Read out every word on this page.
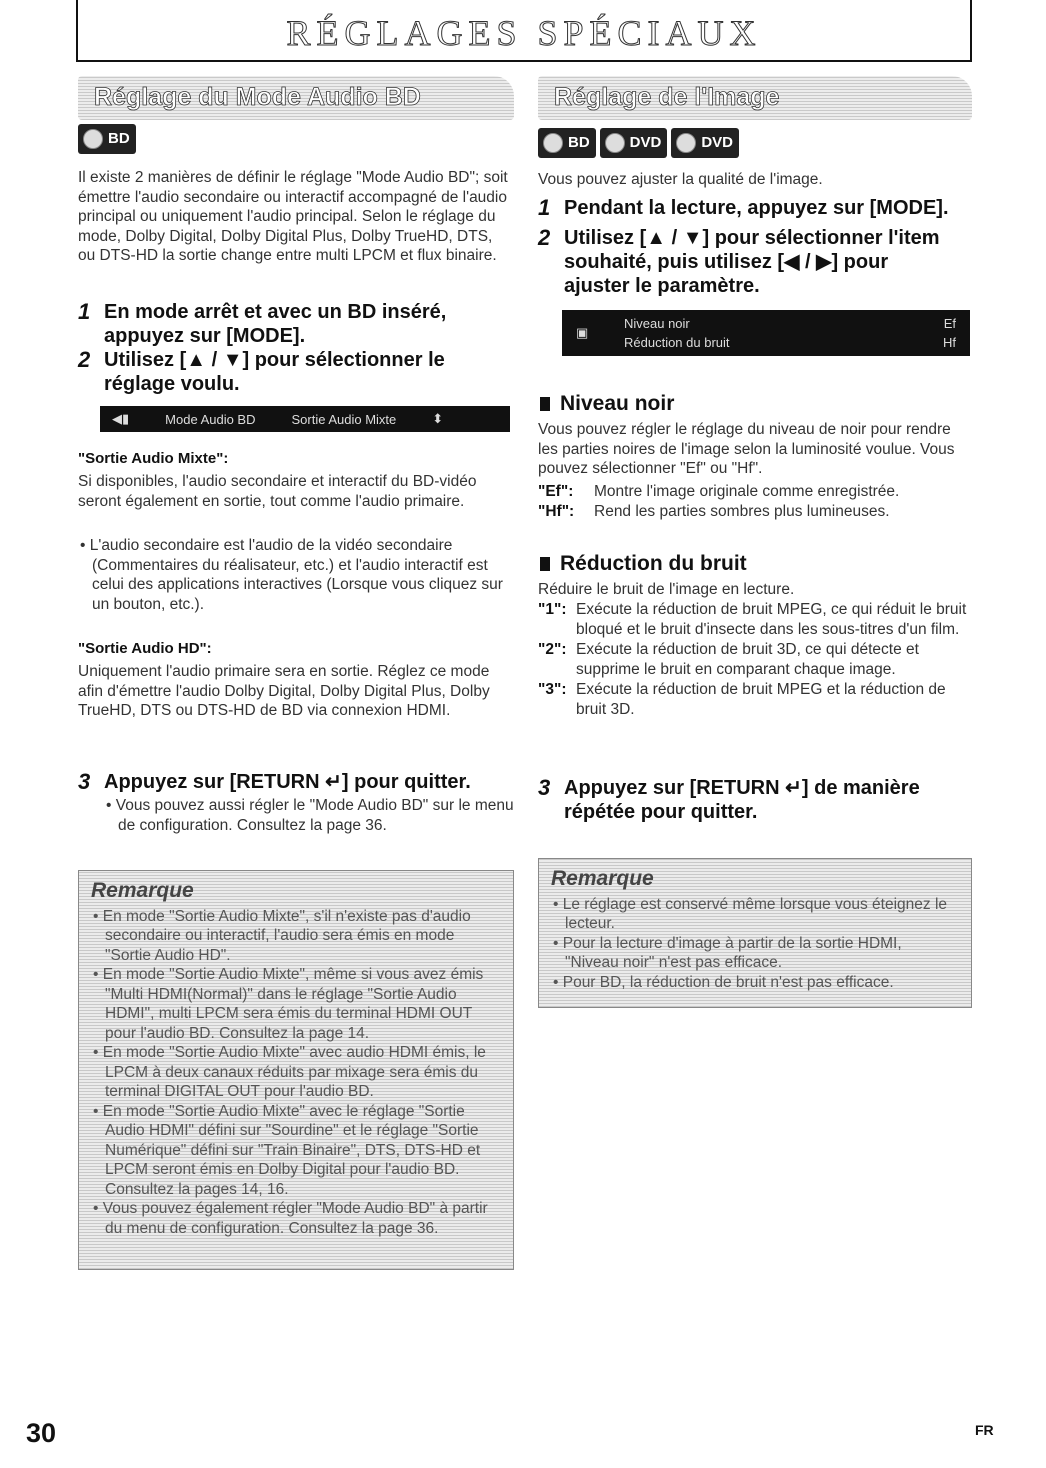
RÉGLAGES SPÉCIAUX
Réglage du Mode Audio BD
BD
Il existe 2 manières de définir le réglage "Mode Audio BD"; soit émettre l'audio secondaire ou interactif accompagné de l'audio principal ou uniquement l'audio principal. Selon le réglage du mode, Dolby Digital, Dolby Digital Plus, Dolby TrueHD, DTS, ou DTS-HD la sortie change entre multi LPCM et flux binaire.
1 En mode arrêt et avec un BD inséré, appuyez sur [MODE].
2 Utilisez [▲ / ▼] pour sélectionner le réglage voulu.
◀▮	Mode Audio BD	Sortie Audio Mixte	⬍
"Sortie Audio Mixte":
Si disponibles, l'audio secondaire et interactif du BD-vidéo seront également en sortie, tout comme l'audio primaire.
• L'audio secondaire est l'audio de la vidéo secondaire (Commentaires du réalisateur, etc.) et l'audio interactif est celui des applications interactives (Lorsque vous cliquez sur un bouton, etc.).
"Sortie Audio HD":
Uniquement l'audio primaire sera en sortie. Réglez ce mode afin d'émettre l'audio Dolby Digital, Dolby Digital Plus, Dolby TrueHD, DTS ou DTS-HD de BD via connexion HDMI.
3 Appuyez sur [RETURN ↵] pour quitter.
• Vous pouvez aussi régler le "Mode Audio BD" sur le menu de configuration. Consultez la page 36.
Remarque
• En mode "Sortie Audio Mixte", s'il n'existe pas d'audio secondaire ou interactif, l'audio sera émis en mode "Sortie Audio HD".
• En mode "Sortie Audio Mixte", même si vous avez émis "Multi HDMI(Normal)" dans le réglage "Sortie Audio HDMI", multi LPCM sera émis du terminal HDMI OUT pour l'audio BD. Consultez la page 14.
• En mode "Sortie Audio Mixte" avec audio HDMI émis, le LPCM à deux canaux réduits par mixage sera émis du terminal DIGITAL OUT pour l'audio BD.
• En mode "Sortie Audio Mixte" avec le réglage "Sortie Audio HDMI" défini sur "Sourdine" et le réglage "Sortie Numérique" défini sur "Train Binaire", DTS, DTS-HD et LPCM seront émis en Dolby Digital pour l'audio BD. Consultez la pages 14, 16.
• Vous pouvez également régler "Mode Audio BD" à partir du menu de configuration. Consultez la page 36.
Réglage de l'Image
BD	DVD	DVD
Vous pouvez ajuster la qualité de l'image.
1 Pendant la lecture, appuyez sur [MODE].
2 Utilisez [▲ / ▼] pour sélectionner l'item souhaité, puis utilisez [◀ / ▶] pour ajuster le paramètre.
▣
Niveau noir	Ef
Réduction du bruit	Hf
Niveau noir
Vous pouvez régler le réglage du niveau de noir pour rendre les parties noires de l'image selon la luminosité voulue. Vous pouvez sélectionner "Ef" ou "Hf".
"Ef":	Montre l'image originale comme enregistrée.
"Hf":	Rend les parties sombres plus lumineuses.
Réduction du bruit
Réduire le bruit de l'image en lecture.
"1": Exécute la réduction de bruit MPEG, ce qui réduit le bruit bloqué et le bruit d'insecte dans les sous-titres d'un film.
"2": Exécute la réduction de bruit 3D, ce qui détecte et supprime le bruit en comparant chaque image.
"3": Exécute la réduction de bruit MPEG et la réduction de bruit 3D.
3 Appuyez sur [RETURN ↵] de manière répétée pour quitter.
Remarque
• Le réglage est conservé même lorsque vous éteignez le lecteur.
• Pour la lecture d'image à partir de la sortie HDMI, "Niveau noir" n'est pas efficace.
• Pour BD, la réduction de bruit n'est pas efficace.
30	FR
